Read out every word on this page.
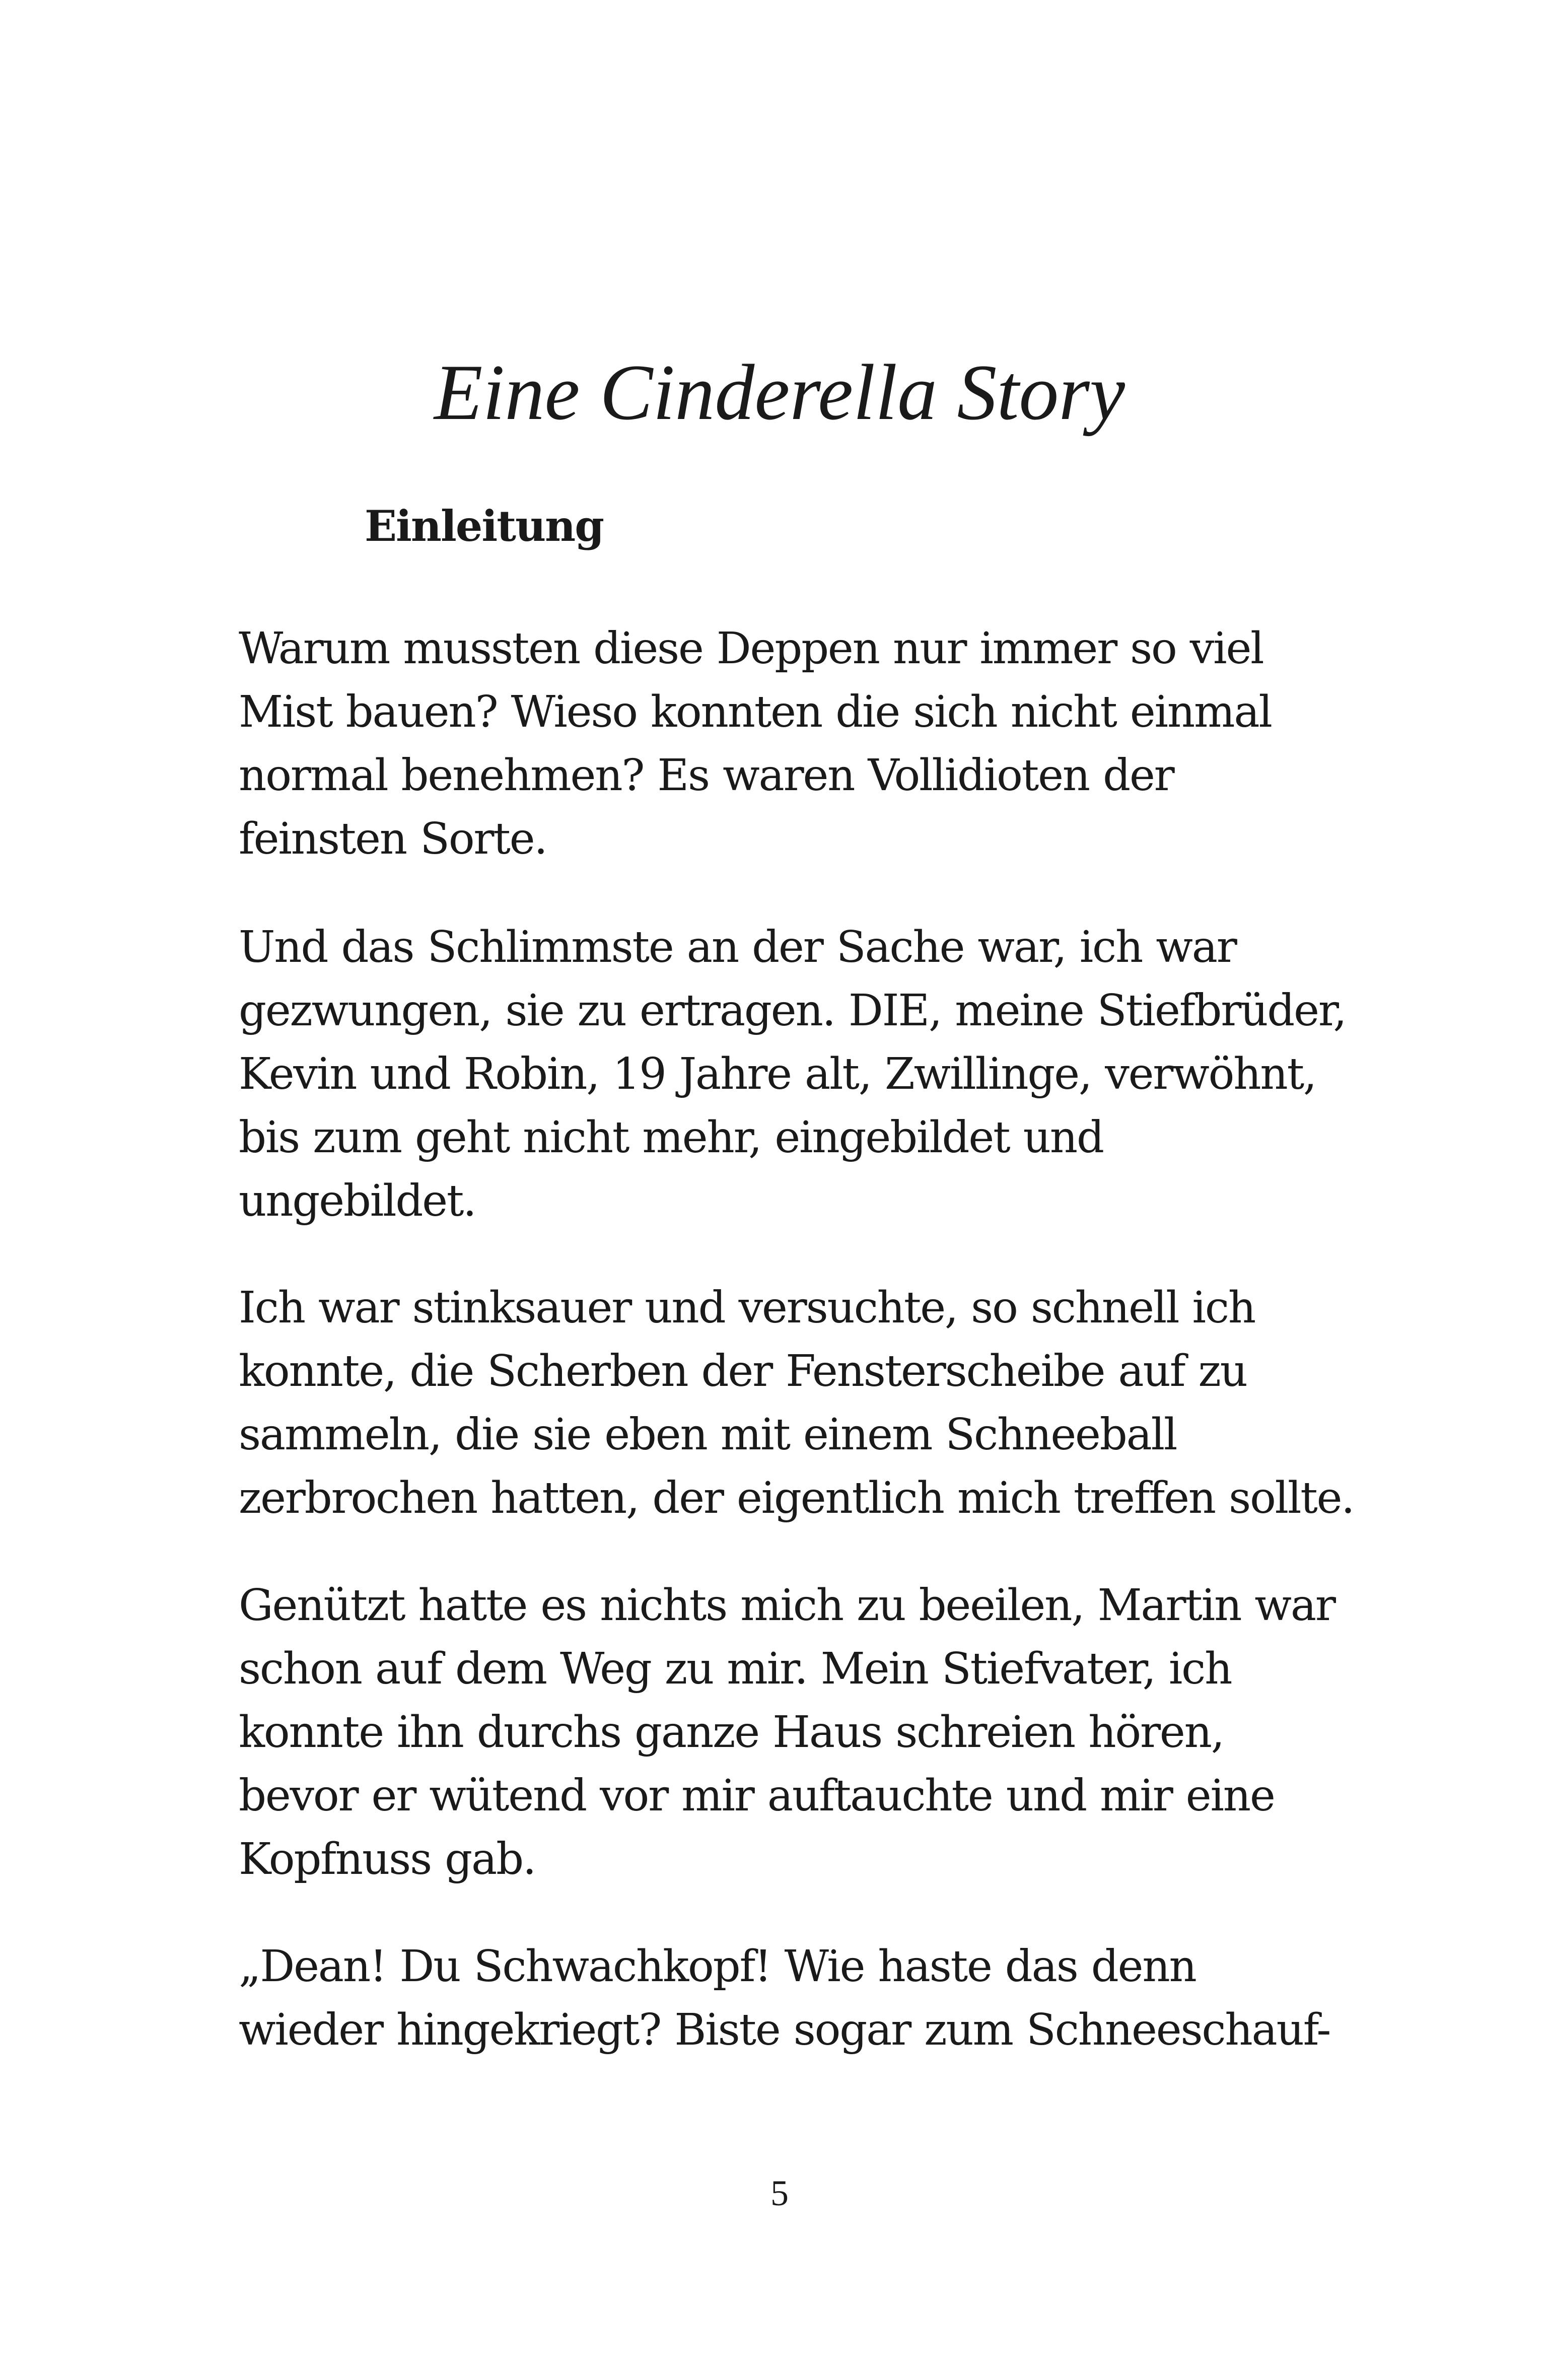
Eine Cinderella Story
Einleitung

Warum mussten diese Deppen nur immer so viel
Mist bauen? Wieso konnten die sich nicht einmal
normal benehmen? Es waren Vollidioten der
feinsten Sorte.

Und das Schlimmste an der Sache war, ich war
gezwungen, sie zu ertragen. DIE, meine Stiefbrüder,
Kevin und Robin, 19 Jahre alt, Zwillinge, verwöhnt,
bis zum geht nicht mehr, eingebildet und
ungebildet.

Ich war stinksauer und versuchte, so schnell ich
konnte, die Scherben der Fensterscheibe auf zu
sammeln, die sie eben mit einem Schneeball
zerbrochen hatten, der eigentlich mich treffen sollte.

Genützt hatte es nichts mich zu beeilen, Martin war
schon auf dem Weg zu mir. Mein Stiefvater, ich
konnte ihn durchs ganze Haus schreien hören,
bevor er wütend vor mir auftauchte und mir eine
Kopfnuss gab.

„Dean! Du Schwachkopf! Wie haste das denn
wieder hingekriegt? Biste sogar zum Schneeschauf-

5
